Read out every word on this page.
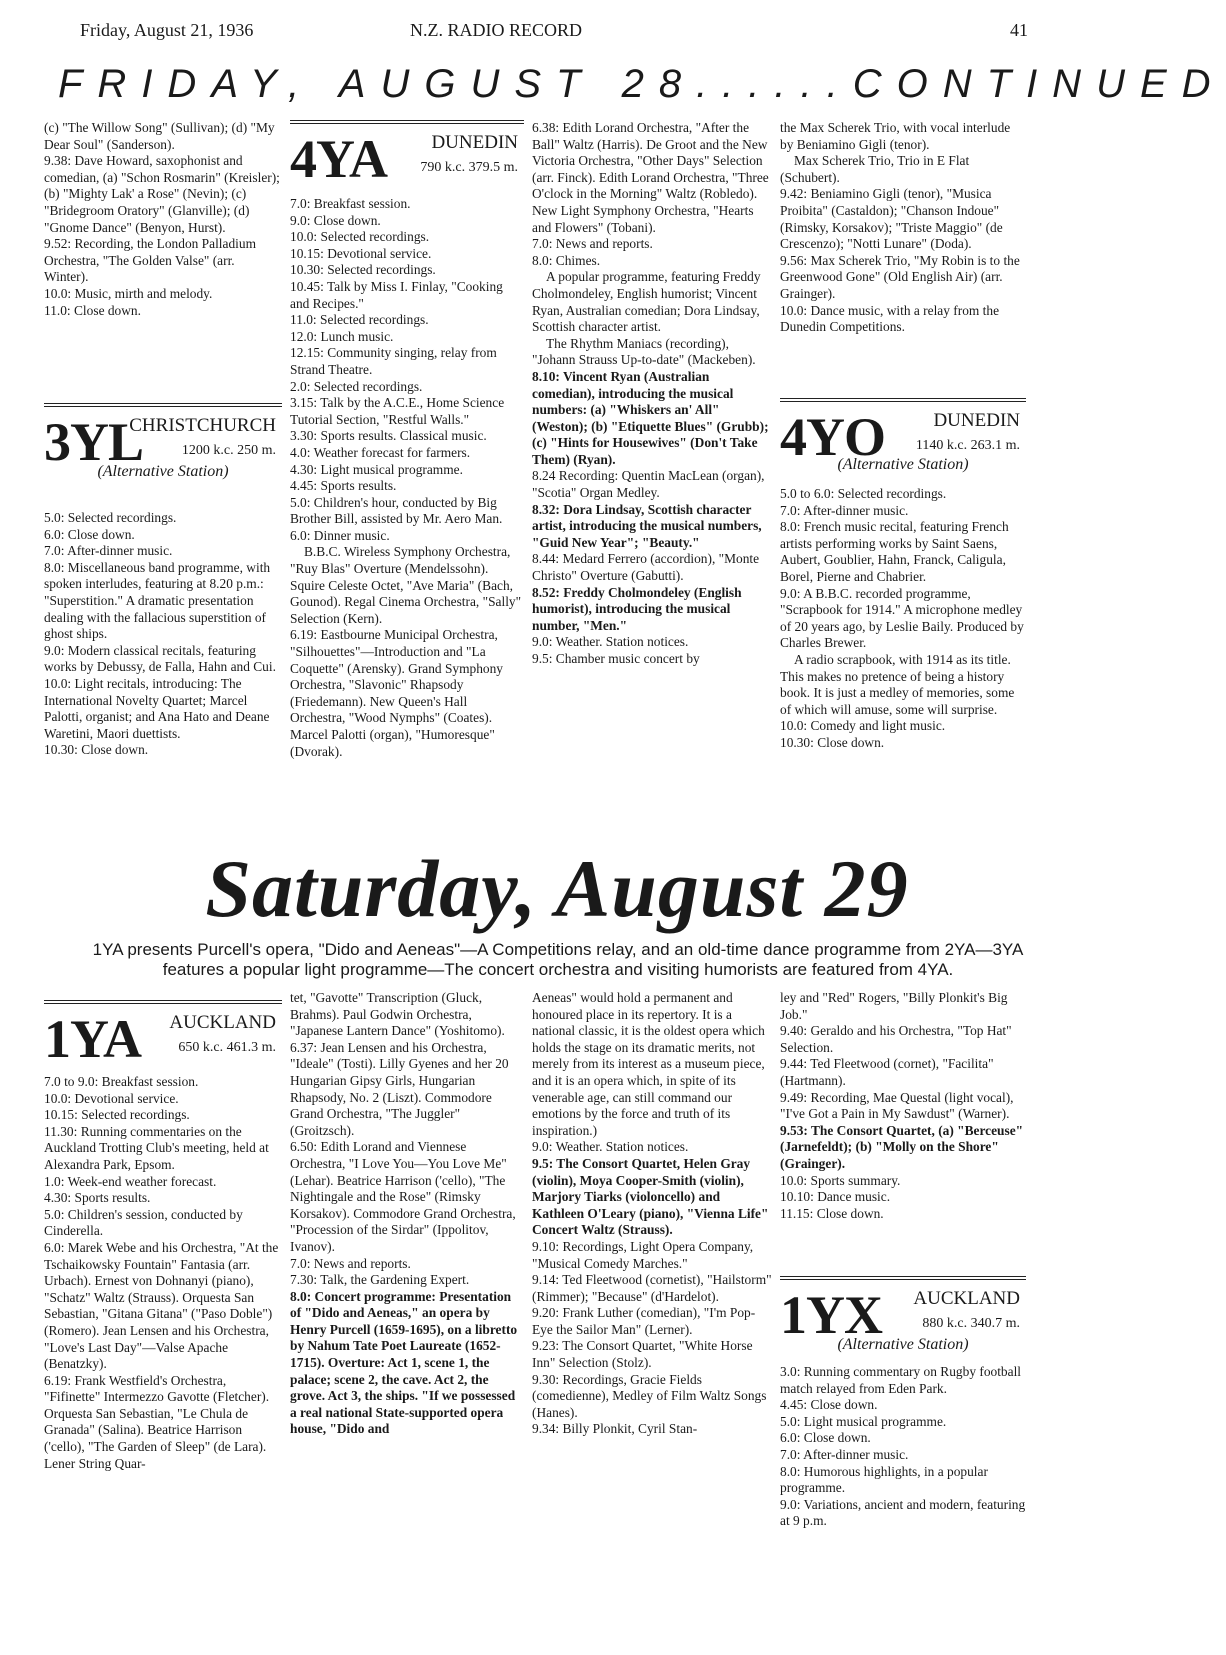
Friday, August 21, 1936	N.Z. RADIO RECORD	41
FRIDAY, AUGUST 28......CONTINUED

(c) "The Willow Song" (Sullivan); (d) "My Dear Soul" (Sanderson).

9.38: Dave Howard, saxophonist and comedian, (a) "Schon Rosmarin" (Kreisler); (b) "Mighty Lak' a Rose" (Nevin); (c) "Bridegroom Oratory" (Glanville); (d) "Gnome Dance" (Benyon, Hurst).

9.52: Recording, the London Palladium Orchestra, "The Golden Valse" (arr. Winter).

10.0: Music, mirth and melody.

11.0: Close down.

3YL
CHRISTCHURCH
1200 k.c. 250 m.
(Alternative Station)

5.0: Selected recordings.

6.0: Close down.

7.0: After-dinner music.

8.0: Miscellaneous band programme, with spoken interludes, featuring at 8.20 p.m.: "Superstition." A dramatic presentation dealing with the fallacious superstition of ghost ships.

9.0: Modern classical recitals, featuring works by Debussy, de Falla, Hahn and Cui.

10.0: Light recitals, introducing: The International Novelty Quartet; Marcel Palotti, organist; and Ana Hato and Deane Waretini, Maori duettists.

10.30: Close down.

4YA DUNEDIN
790 k.c. 379.5 m.

7.0: Breakfast session.

9.0: Close down.

10.0: Selected recordings.

10.15: Devotional service.

10.30: Selected recordings.

10.45: Talk by Miss I. Finlay, "Cooking and Recipes."

11.0: Selected recordings.

12.0: Lunch music.

12.15: Community singing, relay from Strand Theatre.

2.0: Selected recordings.

3.15: Talk by the A.C.E., Home Science Tutorial Section, "Restful Walls."

3.30: Sports results. Classical music.

4.0: Weather forecast for farmers.

4.30: Light musical programme.

4.45: Sports results.

5.0: Children's hour, conducted by Big Brother Bill, assisted by Mr. Aero Man.

6.0: Dinner music.

B.B.C. Wireless Symphony Orchestra, "Ruy Blas" Overture (Mendelssohn). Squire Celeste Octet, "Ave Maria" (Bach, Gounod). Regal Cinema Orchestra, "Sally" Selection (Kern).

6.19: Eastbourne Municipal Orchestra, "Silhouettes"—Introduction and "La Coquette" (Arensky). Grand Symphony Orchestra, "Slavonic" Rhapsody (Friedemann). New Queen's Hall Orchestra, "Wood Nymphs" (Coates). Marcel Palotti (organ), "Humoresque" (Dvorak).

6.38: Edith Lorand Orchestra, "After the Ball" Waltz (Harris). De Groot and the New Victoria Orchestra, "Other Days" Selection (arr. Finck). Edith Lorand Orchestra, "Three O'clock in the Morning" Waltz (Robledo). New Light Symphony Orchestra, "Hearts and Flowers" (Tobani).

7.0: News and reports.

8.0: Chimes.

A popular programme, featuring Freddy Cholmondeley, English humorist; Vincent Ryan, Australian comedian; Dora Lindsay, Scottish character artist.

The Rhythm Maniacs (recording), "Johann Strauss Up-to-date" (Mackeben).

8.10: Vincent Ryan (Australian comedian), introducing the musical numbers: (a) "Whiskers an' All" (Weston); (b) "Etiquette Blues" (Grubb); (c) "Hints for Housewives" (Don't Take Them) (Ryan).

8.24 Recording: Quentin MacLean (organ), "Scotia" Organ Medley.

8.32: Dora Lindsay, Scottish character artist, introducing the musical numbers, "Guid New Year"; "Beauty."

8.44: Medard Ferrero (accordion), "Monte Christo" Overture (Gabutti).

8.52: Freddy Cholmondeley (English humorist), introducing the musical number, "Men."

9.0: Weather. Station notices.

9.5: Chamber music concert by

the Max Scherek Trio, with vocal interlude by Beniamino Gigli (tenor).

Max Scherek Trio, Trio in E Flat (Schubert).

9.42: Beniamino Gigli (tenor), "Musica Proibita" (Castaldon); "Chanson Indoue" (Rimsky, Korsakov); "Triste Maggio" (de Crescenzo); "Notti Lunare" (Doda).

9.56: Max Scherek Trio, "My Robin is to the Greenwood Gone" (Old English Air) (arr. Grainger).

10.0: Dance music, with a relay from the Dunedin Competitions.

4YO	DUNEDIN
1140 k.c. 263.1 m.
(Alternative Station)

5.0 to 6.0: Selected recordings.

7.0: After-dinner music.

8.0: French music recital, featuring French artists performing works by Saint Saens, Aubert, Goublier, Hahn, Franck, Caligula, Borel, Pierne and Chabrier.

9.0: A B.B.C. recorded programme, "Scrapbook for 1914." A microphone medley of 20 years ago, by Leslie Baily. Produced by Charles Brewer.

A radio scrapbook, with 1914 as its title. This makes no pretence of being a history book. It is just a medley of memories, some of which will amuse, some will surprise.

10.0: Comedy and light music.

10.30: Close down.

Saturday, August 29
1YA presents Purcell's opera, "Dido and Aeneas"—A Competitions relay, and an old-time dance programme from 2YA—3YA features a popular light programme—The concert orchestra and visiting humorists are featured from 4YA.
1YA AUCKLAND
650 k.c. 461.3 m.

7.0 to 9.0: Breakfast session.

10.0: Devotional service.

10.15: Selected recordings.

11.30: Running commentaries on the Auckland Trotting Club's meeting, held at Alexandra Park, Epsom.

1.0: Week-end weather forecast.

4.30: Sports results.

5.0: Children's session, conducted by Cinderella.

6.0: Marek Webe and his Orchestra, "At the Tschaikowsky Fountain" Fantasia (arr. Urbach). Ernest von Dohnanyi (piano), "Schatz" Waltz (Strauss). Orquesta San Sebastian, "Gitana Gitana" ("Paso Doble") (Romero). Jean Lensen and his Orchestra, "Love's Last Day"—Valse Apache (Benatzky).

6.19: Frank Westfield's Orchestra, "Fifinette" Intermezzo Gavotte (Fletcher). Orquesta San Sebastian, "Le Chula de Granada" (Salina). Beatrice Harrison ('cello), "The Garden of Sleep" (de Lara). Lener String Quar-

tet, "Gavotte" Transcription (Gluck, Brahms). Paul Godwin Orchestra, "Japanese Lantern Dance" (Yoshitomo).

6.37: Jean Lensen and his Orchestra, "Ideale" (Tosti). Lilly Gyenes and her 20 Hungarian Gipsy Girls, Hungarian Rhapsody, No. 2 (Liszt). Commodore Grand Orchestra, "The Juggler" (Groitzsch).

6.50: Edith Lorand and Viennese Orchestra, "I Love You—You Love Me" (Lehar). Beatrice Harrison ('cello), "The Nightingale and the Rose" (Rimsky Korsakov). Commodore Grand Orchestra, "Procession of the Sirdar" (Ippolitov, Ivanov).

7.0: News and reports.

7.30: Talk, the Gardening Expert.

8.0: Concert programme: Presentation of "Dido and Aeneas," an opera by Henry Purcell (1659-1695), on a libretto by Nahum Tate Poet Laureate (1652-1715). Overture: Act 1, scene 1, the palace; scene 2, the cave. Act 2, the grove. Act 3, the ships. "If we possessed a real national State-supported opera house, "Dido and

Aeneas" would hold a permanent and honoured place in its repertory. It is a national classic, it is the oldest opera which holds the stage on its dramatic merits, not merely from its interest as a museum piece, and it is an opera which, in spite of its venerable age, can still command our emotions by the force and truth of its inspiration.)

9.0: Weather. Station notices.

9.5: The Consort Quartet, Helen Gray (violin), Moya Cooper-Smith (violin), Marjory Tiarks (violoncello) and Kathleen O'Leary (piano), "Vienna Life" Concert Waltz (Strauss).

9.10: Recordings, Light Opera Company, "Musical Comedy Marches."

9.14: Ted Fleetwood (cornetist), "Hailstorm" (Rimmer); "Because" (d'Hardelot).

9.20: Frank Luther (comedian), "I'm Pop-Eye the Sailor Man" (Lerner).

9.23: The Consort Quartet, "White Horse Inn" Selection (Stolz).

9.30: Recordings, Gracie Fields (comedienne), Medley of Film Waltz Songs (Hanes).

9.34: Billy Plonkit, Cyril Stan-

ley and "Red" Rogers, "Billy Plonkit's Big Job."

9.40: Geraldo and his Orchestra, "Top Hat" Selection.

9.44: Ted Fleetwood (cornet), "Facilita" (Hartmann).

9.49: Recording, Mae Questal (light vocal), "I've Got a Pain in My Sawdust" (Warner).

9.53: The Consort Quartet, (a) "Berceuse" (Jarnefeldt); (b) "Molly on the Shore" (Grainger).

10.0: Sports summary.

10.10: Dance music.

11.15: Close down.

1YX AUCKLAND
880 k.c. 340.7 m.
(Alternative Station)

3.0: Running commentary on Rugby football match relayed from Eden Park.

4.45: Close down.

5.0: Light musical programme.

6.0: Close down.

7.0: After-dinner music.

8.0: Humorous highlights, in a popular programme.

9.0: Variations, ancient and modern, featuring at 9 p.m.
